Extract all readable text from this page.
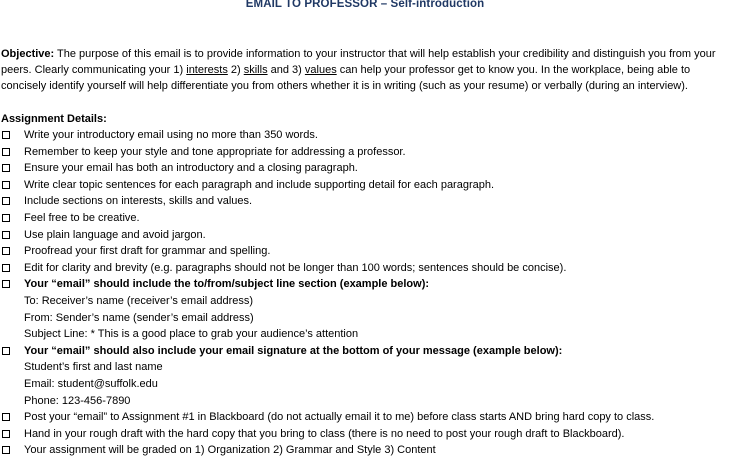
EMAIL TO PROFESSOR – Self-introduction
Objective: The purpose of this email is to provide information to your instructor that will help establish your credibility and distinguish you from your peers. Clearly communicating your 1) interests 2) skills and 3) values can help your professor get to know you. In the workplace, being able to concisely identify yourself will help differentiate you from others whether it is in writing (such as your resume) or verbally (during an interview).
Assignment Details:
Write your introductory email using no more than 350 words.
Remember to keep your style and tone appropriate for addressing a professor.
Ensure your email has both an introductory and a closing paragraph.
Write clear topic sentences for each paragraph and include supporting detail for each paragraph.
Include sections on interests, skills and values.
Feel free to be creative.
Use plain language and avoid jargon.
Proofread your first draft for grammar and spelling.
Edit for clarity and brevity (e.g. paragraphs should not be longer than 100 words; sentences should be concise).
Your “email” should include the to/from/subject line section (example below):
To: Receiver’s name (receiver’s email address)
From: Sender’s name (sender’s email address)
Subject Line: * This is a good place to grab your audience’s attention
Your “email” should also include your email signature at the bottom of your message (example below):
Student’s first and last name
Email: student@suffolk.edu
Phone: 123-456-7890
Post your “email” to Assignment #1 in Blackboard (do not actually email it to me) before class starts AND bring hard copy to class.
Hand in your rough draft with the hard copy that you bring to class (there is no need to post your rough draft to Blackboard).
Your assignment will be graded on 1) Organization 2) Grammar and Style 3) Content
